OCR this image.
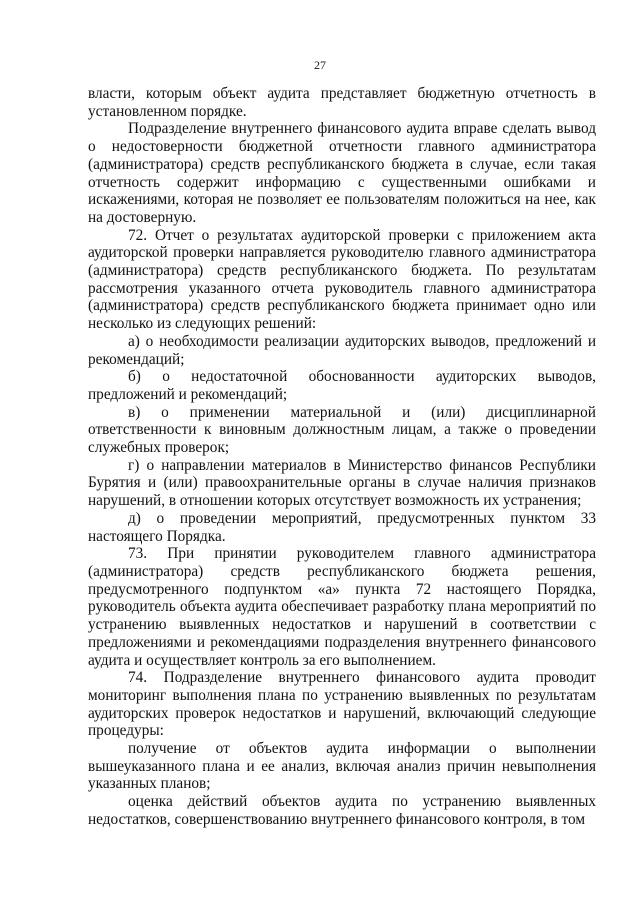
27

власти, которым объект аудита представляет бюджетную отчетность в установленном порядке.

Подразделение внутреннего финансового аудита вправе сделать вывод о недостоверности бюджетной отчетности главного администратора (администратора) средств республиканского бюджета в случае, если такая отчетность содержит информацию с существенными ошибками и искажениями, которая не позволяет ее пользователям положиться на нее, как на достоверную.

72. Отчет о результатах аудиторской проверки с приложением акта аудиторской проверки направляется руководителю главного администратора (администратора) средств республиканского бюджета. По результатам рассмотрения указанного отчета руководитель главного администратора (администратора) средств республиканского бюджета принимает одно или несколько из следующих решений:

а) о необходимости реализации аудиторских выводов, предложений и рекомендаций;

б) о недостаточной обоснованности аудиторских выводов, предложений и рекомендаций;

в) о применении материальной и (или) дисциплинарной ответственности к виновным должностным лицам, а также о проведении служебных проверок;

г) о направлении материалов в Министерство финансов Республики Бурятия и (или) правоохранительные органы в случае наличия признаков нарушений, в отношении которых отсутствует возможность их устранения;

д) о проведении мероприятий, предусмотренных пунктом 33 настоящего Порядка.

73. При принятии руководителем главного администратора (администратора) средств республиканского бюджета решения, предусмотренного подпунктом «а» пункта 72 настоящего Порядка, руководитель объекта аудита обеспечивает разработку плана мероприятий по устранению выявленных недостатков и нарушений в соответствии с предложениями и рекомендациями подразделения внутреннего финансового аудита и осуществляет контроль за его выполнением.

74. Подразделение внутреннего финансового аудита проводит мониторинг выполнения плана по устранению выявленных по результатам аудиторских проверок недостатков и нарушений, включающий следующие процедуры:

получение от объектов аудита информации о выполнении вышеуказанного плана и ее анализ, включая анализ причин невыполнения указанных планов;

оценка действий объектов аудита по устранению выявленных недостатков, совершенствованию внутреннего финансового контроля, в том
